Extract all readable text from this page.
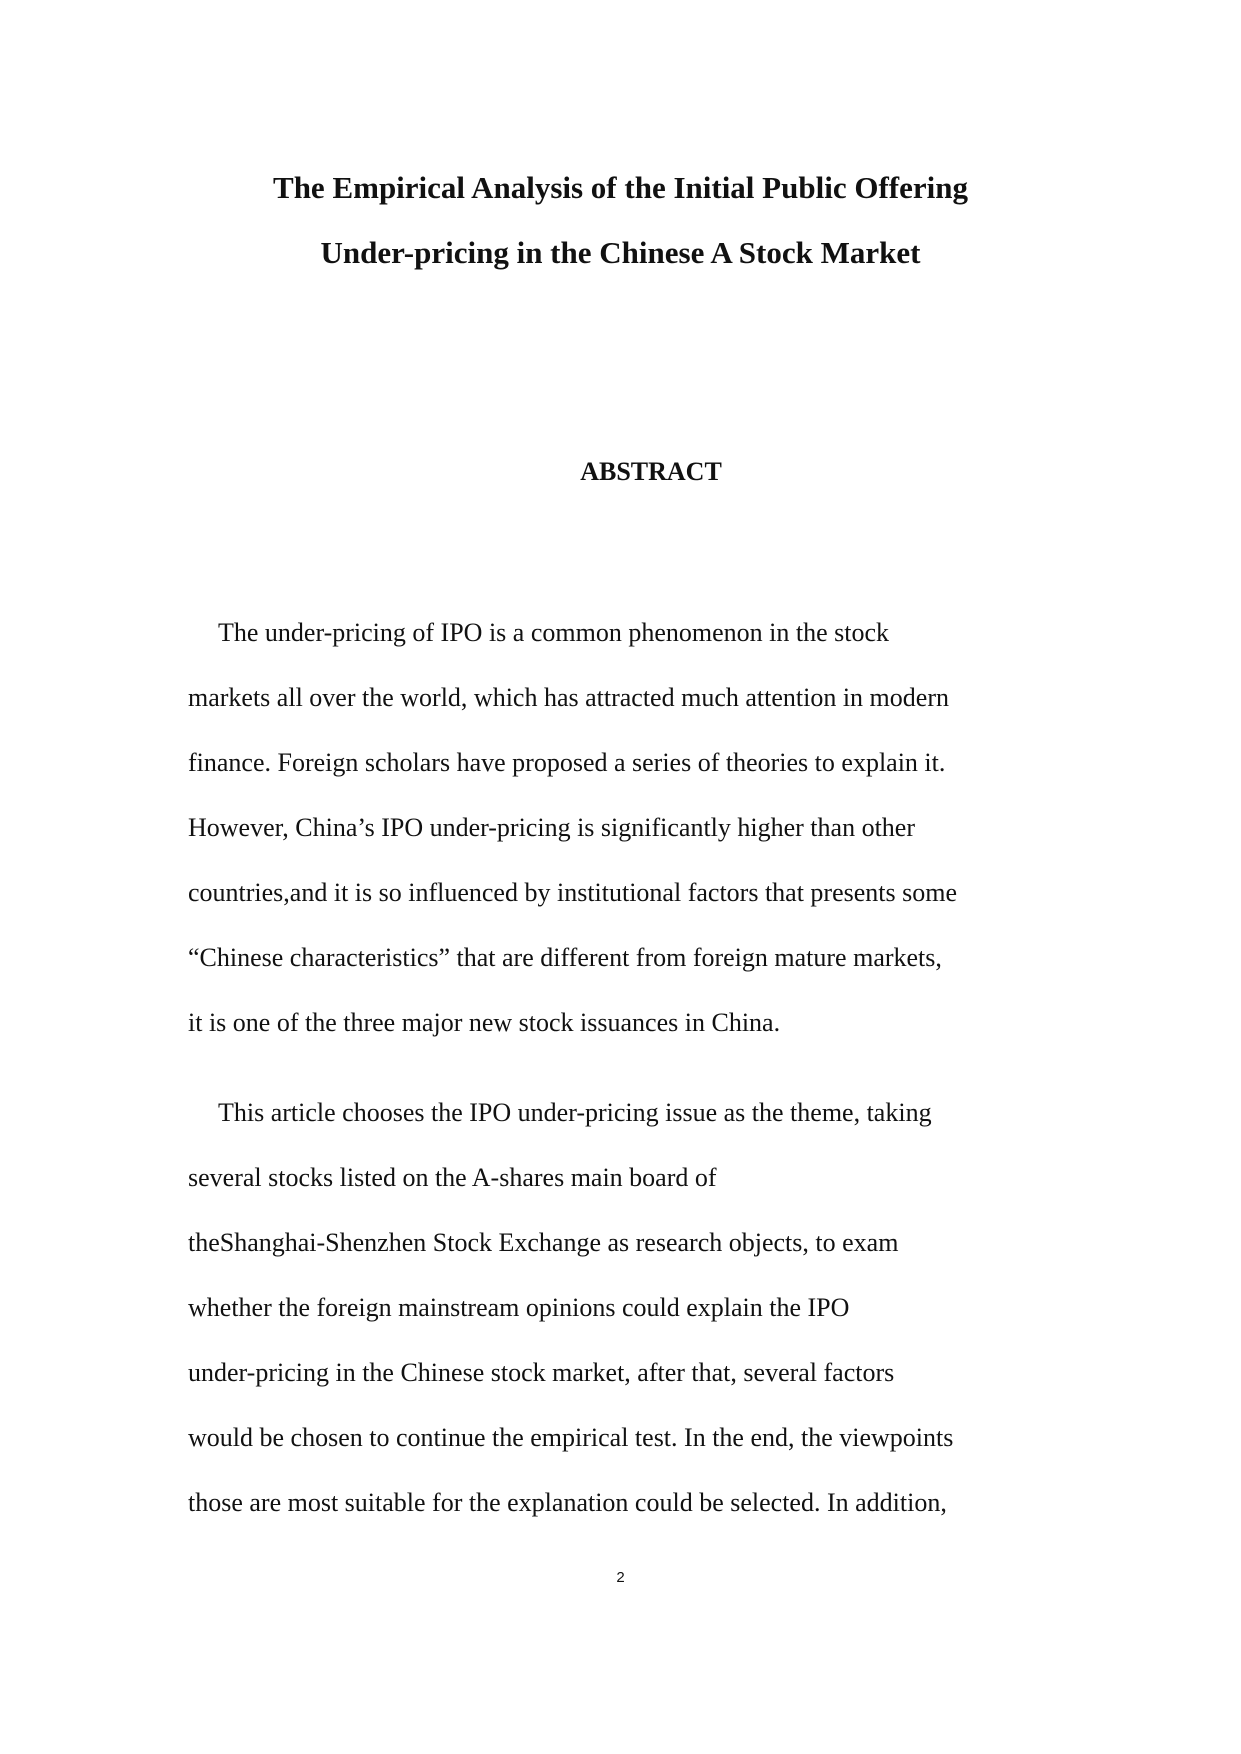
The Empirical Analysis of the Initial Public Offering
Under-pricing in the Chinese A Stock Market
ABSTRACT

The under-pricing of IPO is a common phenomenon in the stock
markets all over the world, which has attracted much attention in modern
finance. Foreign scholars have proposed a series of theories to explain it.
However, China’s IPO under-pricing is significantly higher than other
countries,and it is so influenced by institutional factors that presents some
“Chinese characteristics” that are different from foreign mature markets,
it is one of the three major new stock issuances in China.

This article chooses the IPO under-pricing issue as the theme, taking
several stocks listed on the A-shares main board of
theShanghai-Shenzhen Stock Exchange as research objects, to exam
whether the foreign mainstream opinions could explain the IPO
under-pricing in the Chinese stock market, after that, several factors
would be chosen to continue the empirical test. In the end, the viewpoints
those are most suitable for the explanation could be selected. In addition,

2
